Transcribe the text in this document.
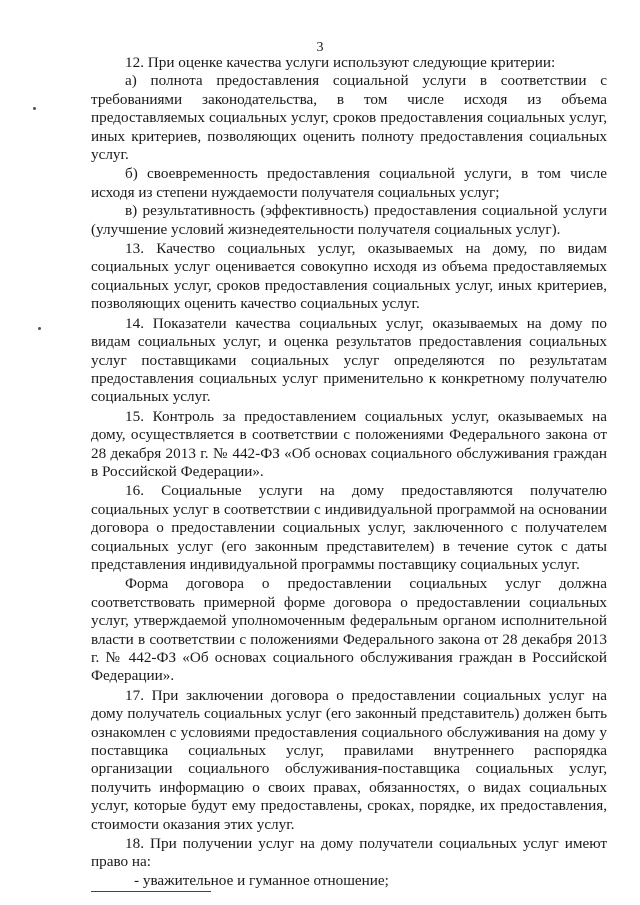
3

12. При оценке качества услуги используют следующие критерии:

а) полнота предоставления социальной услуги в соответствии с требованиями законодательства, в том числе исходя из объема предоставляемых социальных услуг, сроков предоставления социальных услуг, иных критериев, позволяющих оценить полноту предоставления социальных услуг.

б) своевременность предоставления социальной услуги, в том числе исходя из степени нуждаемости получателя социальных услуг;

в) результативность (эффективность) предоставления социальной услуги (улучшение условий жизнедеятельности получателя социальных услуг).

13. Качество социальных услуг, оказываемых на дому, по видам социальных услуг оценивается совокупно исходя из объема предоставляемых социальных услуг, сроков предоставления социальных услуг, иных критериев, позволяющих оценить качество социальных услуг.

14. Показатели качества социальных услуг, оказываемых на дому по видам социальных услуг, и оценка результатов предоставления социальных услуг поставщиками социальных услуг определяются по результатам предоставления социальных услуг применительно к конкретному получателю социальных услуг.

15. Контроль за предоставлением социальных услуг, оказываемых на дому, осуществляется в соответствии с положениями Федерального закона от 28 декабря 2013 г. № 442-ФЗ «Об основах социального обслуживания граждан в Российской Федерации».

16. Социальные услуги на дому предоставляются получателю социальных услуг в соответствии с индивидуальной программой на основании договора о предоставлении социальных услуг, заключенного с получателем социальных услуг (его законным представителем) в течение суток с даты представления индивидуальной программы поставщику социальных услуг.

Форма договора о предоставлении социальных услуг должна соответствовать примерной форме договора о предоставлении социальных услуг, утверждаемой уполномоченным федеральным органом исполнительной власти в соответствии с положениями Федерального закона от 28 декабря 2013 г. № 442-ФЗ «Об основах социального обслуживания граждан в Российской Федерации».

17. При заключении договора о предоставлении социальных услуг на дому получатель социальных услуг (его законный представитель) должен быть ознакомлен с условиями предоставления социального обслуживания на дому у поставщика социальных услуг, правилами внутреннего распорядка организации социального обслуживания-поставщика социальных услуг, получить информацию о своих правах, обязанностях, о видах социальных услуг, которые будут ему предоставлены, сроках, порядке, их предоставления, стоимости оказания этих услуг.

18. При получении услуг на дому получатели социальных услуг имеют право на:

- уважительное и гуманное отношение;
